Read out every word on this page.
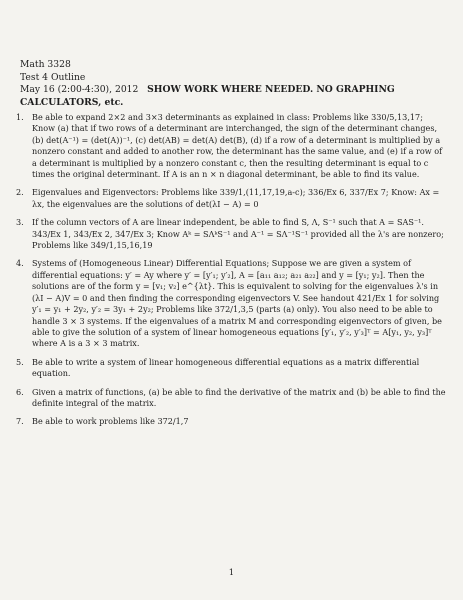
Math 3328
Test 4 Outline
May 16 (2:00-4:30), 2012 SHOW WORK WHERE NEEDED. NO GRAPHING
CALCULATORS, etc.
1. Be able to expand 2×2 and 3×3 determinants as explained in class: Problems like 330/5,13,17; Know (a) that if two rows of a determinant are interchanged, the sign of the determinant changes, (b) det(A⁻¹) = (det(A))⁻¹, (c) det(AB) = det(A) det(B), (d) if a row of a determinant is multiplied by a nonzero constant and added to another row, the determinant has the same value, and (e) if a row of a determinant is multiplied by a nonzero constant c, then the resulting determinant is equal to c times the original determinant. If A is an n × n diagonal determinant, be able to find its value.
2. Eigenvalues and Eigenvectors: Problems like 339/1,(11,17,19,a-c); 336/Ex 6, 337/Ex 7; Know: Ax = λx, the eigenvalues are the solutions of det(λI − A) = 0
3. If the column vectors of A are linear independent, be able to find S, Λ, S⁻¹ such that A = SAS⁻¹. 343/Ex 1, 343/Ex 2, 347/Ex 3; Know Aᵏ = SΛᵏS⁻¹ and A⁻¹ = SΛ⁻¹S⁻¹ provided all the λ's are nonzero; Problems like 349/1,15,16,19
4. Systems of (Homogeneous Linear) Differential Equations; Suppose we are given a system of differential equations: y′ = Ay where y′ = [y′₁; y′₂], A = [a₁₁ a₁₂; a₂₁ a₂₂] and y = [y₁; y₂]. Then the solutions are of the form y = [v₁; v₂] e^{λt}. This is equivalent to solving for the eigenvalues λ's in (λI − A)V = 0 and then finding the corresponding eigenvectors V. See handout 421/Ex 1 for solving y′₁ = y₁ + 2y₂, y′₂ = 3y₁ + 2y₂; Problems like 372/1,3,5 (parts (a) only). You also need to be able to handle 3 × 3 systems. If the eigenvalues of a matrix M and corresponding eigenvectors of given, be able to give the solution of a system of linear homogeneous equations [y′₁, y′₂, y′₃]ᵀ = A[y₁, y₂, y₃]ᵀ where A is a 3 × 3 matrix.
5. Be able to write a system of linear homogeneous differential equations as a matrix differential equation.
6. Given a matrix of functions, (a) be able to find the derivative of the matrix and (b) be able to find the definite integral of the matrix.
7. Be able to work problems like 372/1,7
1
